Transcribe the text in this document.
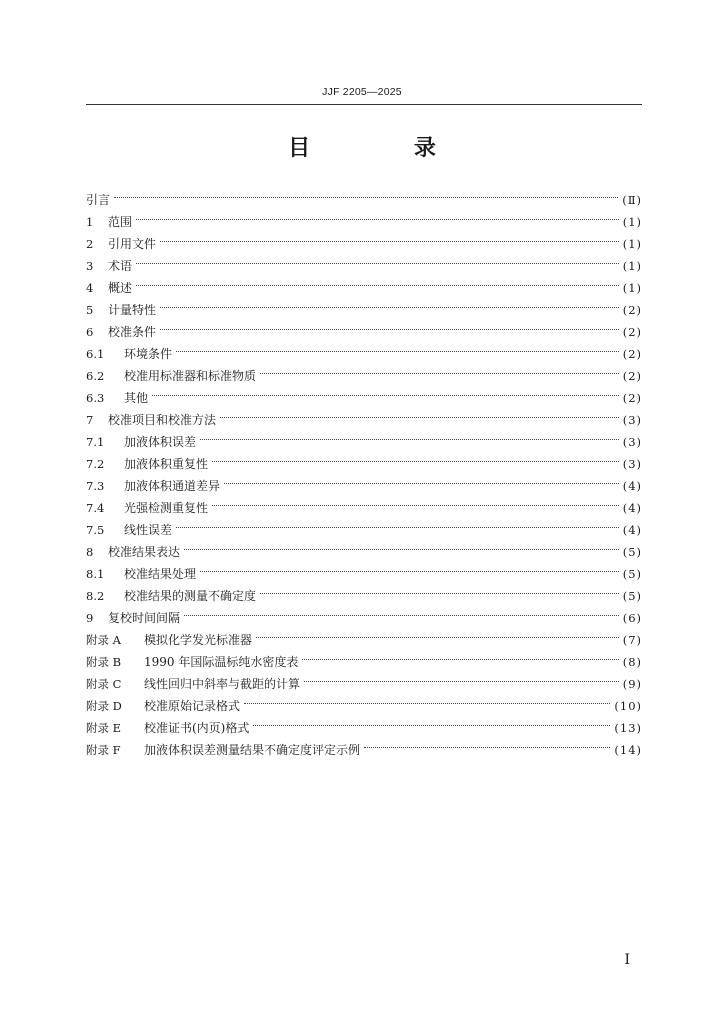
JJF 2205—2025
目 录
引言	(Ⅱ)
1	范围	(1)
2	引用文件	(1)
3	术语	(1)
4	概述	(1)
5	计量特性	(2)
6	校准条件	(2)
6.1	环境条件	(2)
6.2	校准用标准器和标准物质	(2)
6.3	其他	(2)
7	校准项目和校准方法	(3)
7.1	加液体积误差	(3)
7.2	加液体积重复性	(3)
7.3	加液体积通道差异	(4)
7.4	光强检测重复性	(4)
7.5	线性误差	(4)
8	校准结果表达	(5)
8.1	校准结果处理	(5)
8.2	校准结果的测量不确定度	(5)
9	复校时间间隔	(6)
附录 A	模拟化学发光标准器	(7)
附录 B	1990 年国际温标纯水密度表	(8)
附录 C	线性回归中斜率与截距的计算	(9)
附录 D	校准原始记录格式	(10)
附录 E	校准证书(内页)格式	(13)
附录 F	加液体积误差测量结果不确定度评定示例	(14)
I
